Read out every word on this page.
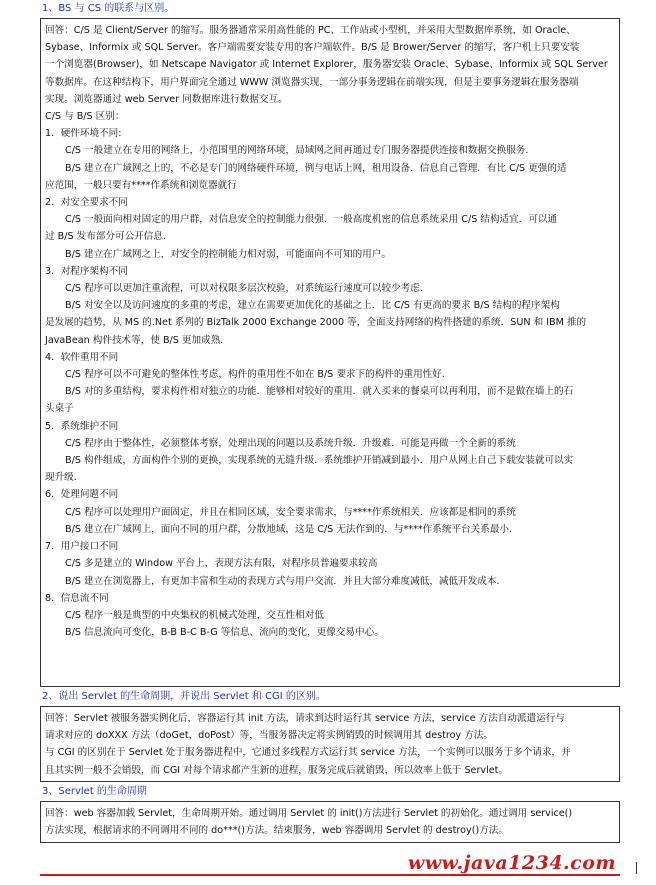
1、BS 与 CS 的联系与区别。

回答：C/S 是 Client/Server 的缩写。服务器通常采用高性能的 PC、工作站或小型机，并采用大型数据库系统，如 Oracle、

Sybase、Informix 或 SQL Server。客户端需要安装专用的客户端软件。B/S 是 Brower/Server 的缩写，客户机上只要安装

一个浏览器(Browser)，如 Netscape Navigator 或 Internet Explorer，服务器安装 Oracle、Sybase、Informix 或 SQL Server

等数据库。在这种结构下，用户界面完全通过 WWW 浏览器实现，一部分事务逻辑在前端实现，但是主要事务逻辑在服务器端

实现。浏览器通过 web Server 同数据库进行数据交互。

C/S 与 B/S 区别：

1．硬件环境不同:

C/S 一般建立在专用的网络上，小范围里的网络环境，局域网之间再通过专门服务器提供连接和数据交换服务.

B/S 建立在广域网之上的，不必是专门的网络硬件环境，例与电话上网，租用设备．信息自己管理．有比 C/S 更强的适

应范围，一般只要有****作系统和浏览器就行

2．对安全要求不同

C/S 一般面向相对固定的用户群，对信息安全的控制能力很强．一般高度机密的信息系统采用 C/S 结构适宜．可以通

过 B/S 发布部分可公开信息.

B/S 建立在广域网之上，对安全的控制能力相对弱，可能面向不可知的用户。

3．对程序架构不同

C/S 程序可以更加注重流程，可以对权限多层次校验，对系统运行速度可以较少考虑.

B/S 对安全以及访问速度的多重的考虑，建立在需要更加优化的基础之上．比 C/S 有更高的要求 B/S 结构的程序架构

是发展的趋势，从 MS 的.Net 系列的 BizTalk 2000 Exchange 2000 等，全面支持网络的构件搭建的系统．SUN 和 IBM 推的

JavaBean 构件技术等，使 B/S 更加成熟.

4．软件重用不同

C/S 程序可以不可避免的整体性考虑，构件的重用性不如在 B/S 要求下的构件的重用性好.

B/S 对的多重结构，要求构件相对独立的功能．能够相对较好的重用．就入买来的餐桌可以再利用，而不是做在墙上的石

头桌子

5．系统维护不同

C/S 程序由于整体性，必须整体考察，处理出现的问题以及系统升级．升级难．可能是再做一个全新的系统

B/S 构件组成，方面构件个别的更换，实现系统的无缝升级．系统维护开销减到最小．用户从网上自己下载安装就可以实

现升级.

6．处理问题不同

C/S 程序可以处理用户面固定，并且在相同区域，安全要求需求，与****作系统相关．应该都是相同的系统

B/S 建立在广域网上，面向不同的用户群，分散地域，这是 C/S 无法作到的．与****作系统平台关系最小.

7．用户接口不同

C/S 多是建立的 Window 平台上，表现方法有限，对程序员普遍要求较高

B/S 建立在浏览器上，有更加丰富和生动的表现方式与用户交流．并且大部分难度减低，减低开发成本.

8．信息流不同

C/S 程序一般是典型的中央集权的机械式处理，交互性相对低

B/S 信息流向可变化，B-B B-C B-G 等信息、流向的变化，更像交易中心。

2、说出 Servlet 的生命周期，并说出 Servlet 和 CGI 的区别。

回答：Servlet 被服务器实例化后，容器运行其 init 方法，请求到达时运行其 service 方法，service 方法自动派遣运行与

请求对应的 doXXX 方法（doGet，doPost）等，当服务器决定将实例销毁的时候调用其 destroy 方法。

与 CGI 的区别在于 Servlet 处于服务器进程中，它通过多线程方式运行其 service 方法，一个实例可以服务于多个请求，并

且其实例一般不会销毁，而 CGI 对每个请求都产生新的进程，服务完成后就销毁，所以效率上低于 Servlet。

3、Servlet 的生命周期

回答：web 容器加载 Servlet，生命周期开始。通过调用 Servlet 的 init()方法进行 Servlet 的初始化。通过调用 service()

方法实现，根据请求的不同调用不同的 do***()方法。结束服务，web 容器调用 Servlet 的 destroy()方法。

www.java1234.com
